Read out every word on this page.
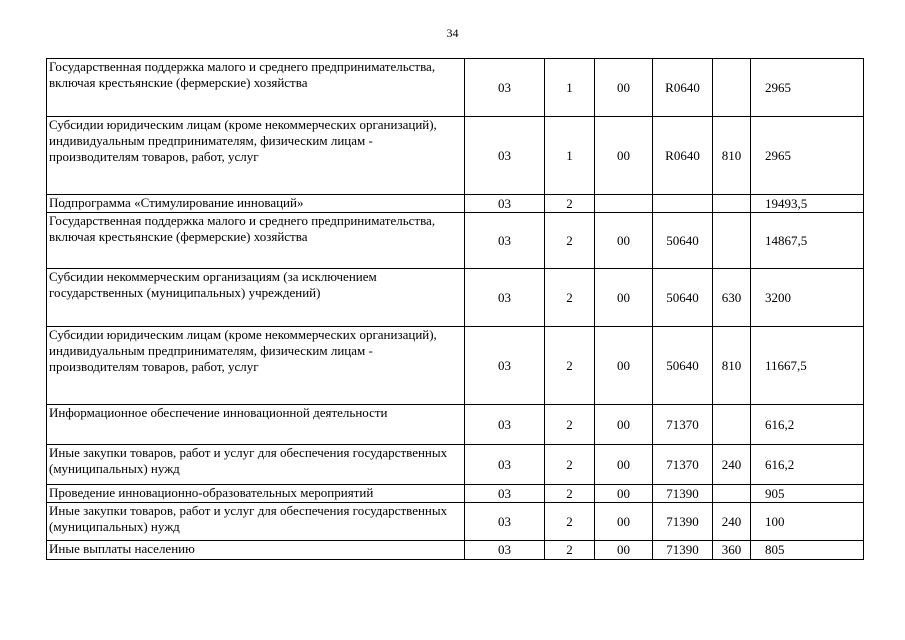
34
Государственная поддержка малого и среднего предпринимательства, включая крестьянские (фермерские) хозяйства	03	1	00	R0640		2965
Субсидии юридическим лицам (кроме некоммерческих организаций), индивидуальным предпринимателям, физическим лицам - производителям товаров, работ, услуг	03	1	00	R0640	810	2965
Подпрограмма «Стимулирование инноваций»	03	2				19493,5
Государственная поддержка малого и среднего предпринимательства, включая крестьянские (фермерские) хозяйства	03	2	00	50640		14867,5
Субсидии некоммерческим организациям (за исключением государственных (муниципальных) учреждений)	03	2	00	50640	630	3200
Субсидии юридическим лицам (кроме некоммерческих организаций), индивидуальным предпринимателям, физическим лицам - производителям товаров, работ, услуг	03	2	00	50640	810	11667,5
Информационное обеспечение инновационной деятельности	03	2	00	71370		616,2
Иные закупки товаров, работ и услуг для обеспечения государственных (муниципальных) нужд	03	2	00	71370	240	616,2
Проведение инновационно-образовательных мероприятий	03	2	00	71390		905
Иные закупки товаров, работ и услуг для обеспечения государственных (муниципальных) нужд	03	2	00	71390	240	100
Иные выплаты населению	03	2	00	71390	360	805
